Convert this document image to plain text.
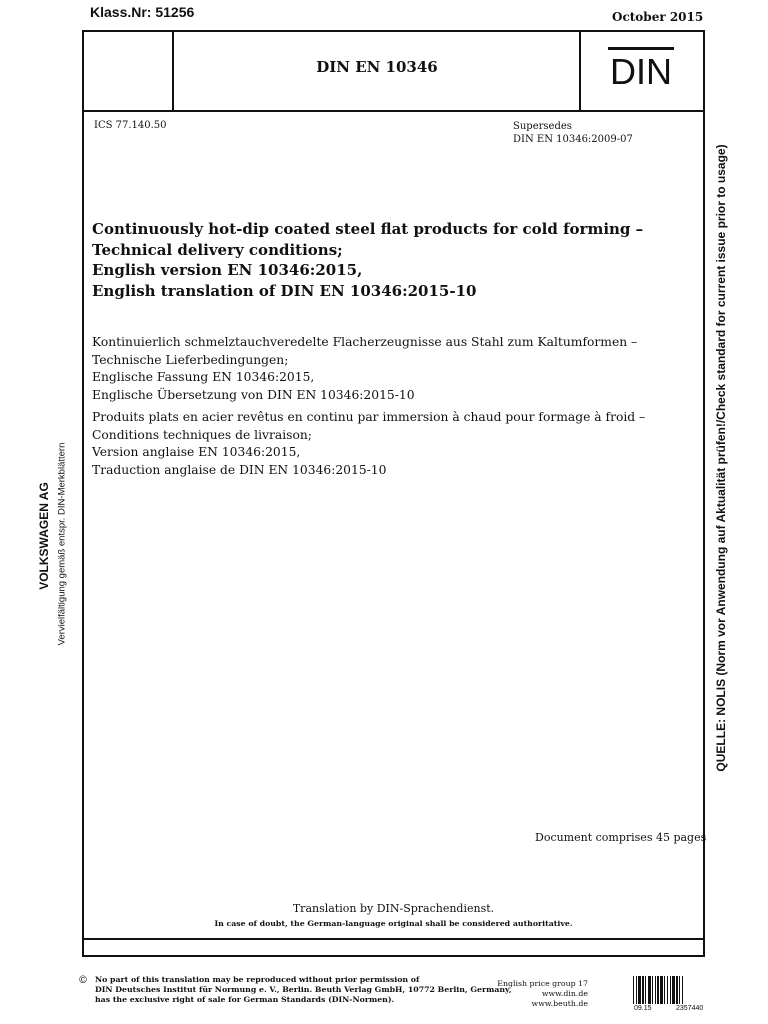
Klass.Nr: 51256	October 2015
DIN EN 10346	DIN
ICS 77.140.50	Supersedes
DIN EN 10346:2009-07
Continuously hot-dip coated steel flat products for cold forming –
Technical delivery conditions;
English version EN 10346:2015,
English translation of DIN EN 10346:2015-10
Kontinuierlich schmelztauchveredelte Flacherzeugnisse aus Stahl zum Kaltumformen –
Technische Lieferbedingungen;
Englische Fassung EN 10346:2015,
Englische Übersetzung von DIN EN 10346:2015-10
Produits plats en acier revêtus en continu par immersion à chaud pour formage à froid –
Conditions techniques de livraison;
Version anglaise EN 10346:2015,
Traduction anglaise de DIN EN 10346:2015-10
Document comprises 45 pages
Translation by DIN-Sprachendienst.
In case of doubt, the German-language original shall be considered authoritative.
VOLKSWAGEN AG Vervielfältigung gemäß entspr. DIN-Merkblättern	QUELLE: NOLIS (Norm vor Anwendung auf Aktualität prüfen!/Check standard for current issue prior to usage)
© No part of this translation may be reproduced without prior permission of
DIN Deutsches Institut für Normung e. V., Berlin. Beuth Verlag GmbH, 10772 Berlin, Germany,
has the exclusive right of sale for German Standards (DIN-Normen).
English price group 17
www.din.de
www.beuth.de
09.15	2357440
